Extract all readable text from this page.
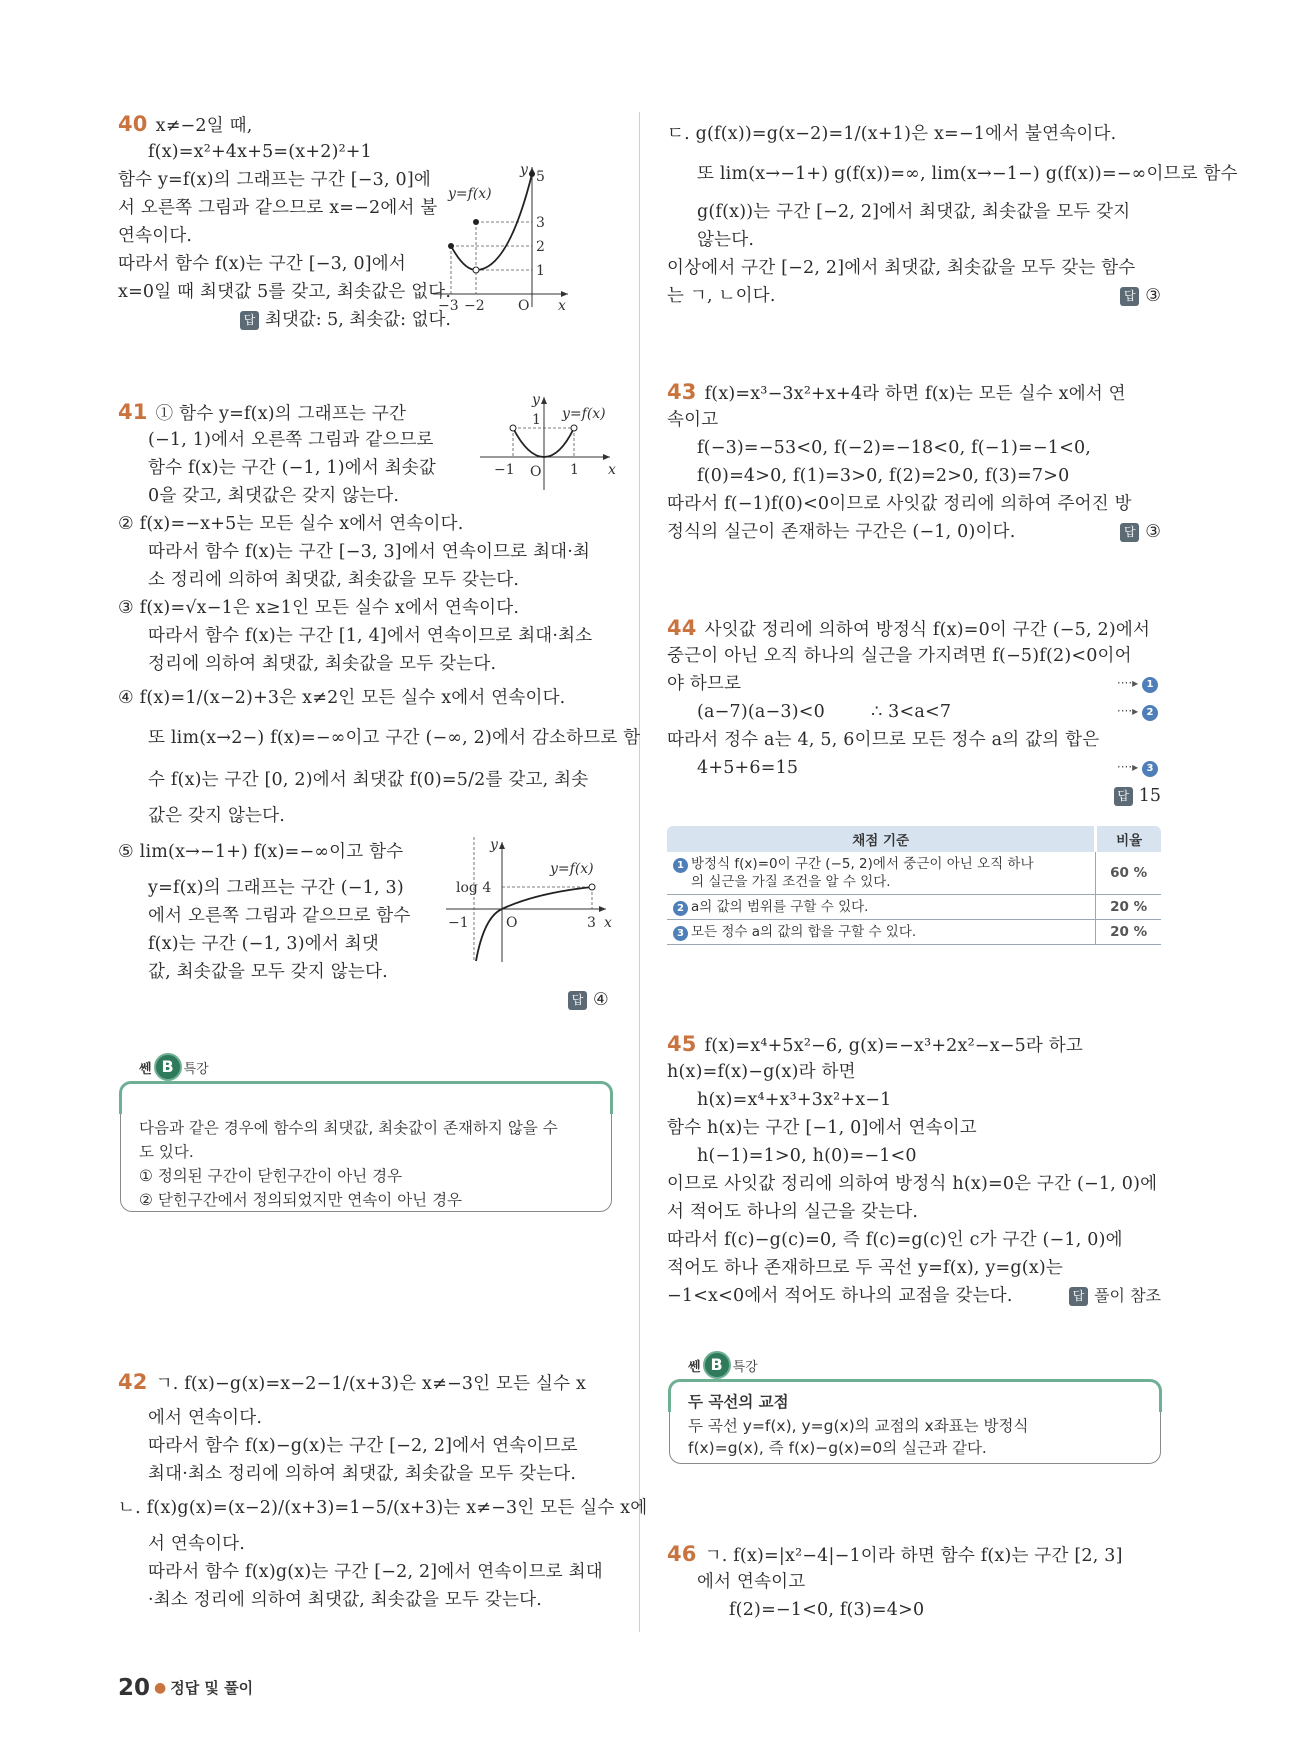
40 x≠−2일 때,
f(x)=x²+4x+5=(x+2)²+1
함수 y=f(x)의 그래프는 구간 [−3, 0]에
서 오른쪽 그림과 같으므로 x=−2에서 불
연속이다.
따라서 함수 f(x)는 구간 [−3, 0]에서
x=0일 때 최댓값 5를 갖고, 최솟값은 없다.
답 최댓값: 5, 최솟값: 없다.
5
3
2
1
−3 −2 O x
y
y=f(x)
41 ① 함수 y=f(x)의 그래프는 구간
(−1, 1)에서 오른쪽 그림과 같으므로
함수 f(x)는 구간 (−1, 1)에서 최솟값
0을 갖고, 최댓값은 갖지 않는다.
② f(x)=−x+5는 모든 실수 x에서 연속이다.
따라서 함수 f(x)는 구간 [−3, 3]에서 연속이므로 최대·최
소 정리에 의하여 최댓값, 최솟값을 모두 갖는다.
③ f(x)=√x−1은 x≥1인 모든 실수 x에서 연속이다.
따라서 함수 f(x)는 구간 [1, 4]에서 연속이므로 최대·최소
정리에 의하여 최댓값, 최솟값을 모두 갖는다.
④ f(x)=1/(x−2)+3은 x≠2인 모든 실수 x에서 연속이다.
또 lim(x→2−) f(x)=−∞이고 구간 (−∞, 2)에서 감소하므로 함
수 f(x)는 구간 [0, 2)에서 최댓값 f(0)=5/2를 갖고, 최솟
값은 갖지 않는다.
⑤ lim(x→−1+) f(x)=−∞이고 함수
y=f(x)의 그래프는 구간 (−1, 3)
에서 오른쪽 그림과 같으므로 함수
f(x)는 구간 (−1, 3)에서 최댓
값, 최솟값을 모두 갖지 않는다.
답 ④
1
−1 O 1 x
y
y=f(x)
log 4
−1	O	3 x
y
y=f(x)
쎈 B 특강
다음과 같은 경우에 함수의 최댓값, 최솟값이 존재하지 않을 수
도 있다.
① 정의된 구간이 닫힌구간이 아닌 경우
② 닫힌구간에서 정의되었지만 연속이 아닌 경우
42 ㄱ. f(x)−g(x)=x−2−1/(x+3)은 x≠−3인 모든 실수 x
에서 연속이다.
따라서 함수 f(x)−g(x)는 구간 [−2, 2]에서 연속이므로
최대·최소 정리에 의하여 최댓값, 최솟값을 모두 갖는다.
ㄴ. f(x)g(x)=(x−2)/(x+3)=1−5/(x+3)는 x≠−3인 모든 실수 x에
서 연속이다.
따라서 함수 f(x)g(x)는 구간 [−2, 2]에서 연속이므로 최대
·최소 정리에 의하여 최댓값, 최솟값을 모두 갖는다.
ㄷ. g(f(x))=g(x−2)=1/(x+1)은 x=−1에서 불연속이다.
또 lim(x→−1+) g(f(x))=∞, lim(x→−1−) g(f(x))=−∞이므로 함수
g(f(x))는 구간 [−2, 2]에서 최댓값, 최솟값을 모두 갖지
않는다.
이상에서 구간 [−2, 2]에서 최댓값, 최솟값을 모두 갖는 함수
는 ㄱ, ㄴ이다.	답 ③
43 f(x)=x³−3x²+x+4라 하면 f(x)는 모든 실수 x에서 연
속이고
f(−3)=−53<0, f(−2)=−18<0, f(−1)=−1<0,
f(0)=4>0, f(1)=3>0, f(2)=2>0, f(3)=7>0
따라서 f(−1)f(0)<0이므로 사잇값 정리에 의하여 주어진 방
정식의 실근이 존재하는 구간은 (−1, 0)이다.	답 ③
44 사잇값 정리에 의하여 방정식 f(x)=0이 구간 (−5, 2)에서
중근이 아닌 오직 하나의 실근을 가지려면 f(−5)f(2)<0이어
야 하므로
(a−7)(a−3)<0        ∴ 3<a<7
따라서 정수 a는 4, 5, 6이므로 모든 정수 a의 값의 합은
4+5+6=15
····▸ 1
····▸ 2
····▸ 3
답 15
채점 기준	비율
1 방정식 f(x)=0이 구간 (−5, 2)에서 중근이 아닌 오직 하나
의 실근을 가질 조건을 알 수 있다.	60 %
2 a의 값의 범위를 구할 수 있다.	20 %
3 모든 정수 a의 값의 합을 구할 수 있다.	20 %
45 f(x)=x⁴+5x²−6, g(x)=−x³+2x²−x−5라 하고
h(x)=f(x)−g(x)라 하면
h(x)=x⁴+x³+3x²+x−1
함수 h(x)는 구간 [−1, 0]에서 연속이고
h(−1)=1>0, h(0)=−1<0
이므로 사잇값 정리에 의하여 방정식 h(x)=0은 구간 (−1, 0)에
서 적어도 하나의 실근을 갖는다.
따라서 f(c)−g(c)=0, 즉 f(c)=g(c)인 c가 구간 (−1, 0)에
적어도 하나 존재하므로 두 곡선 y=f(x), y=g(x)는
−1<x<0에서 적어도 하나의 교점을 갖는다.	답 풀이 참조
쎈 B 특강
두 곡선의 교점
두 곡선 y=f(x), y=g(x)의 교점의 x좌표는 방정식
f(x)=g(x), 즉 f(x)−g(x)=0의 실근과 같다.
46 ㄱ. f(x)=|x²−4|−1이라 하면 함수 f(x)는 구간 [2, 3]
에서 연속이고
f(2)=−1<0, f(3)=4>0
20 ● 정답 및 풀이
